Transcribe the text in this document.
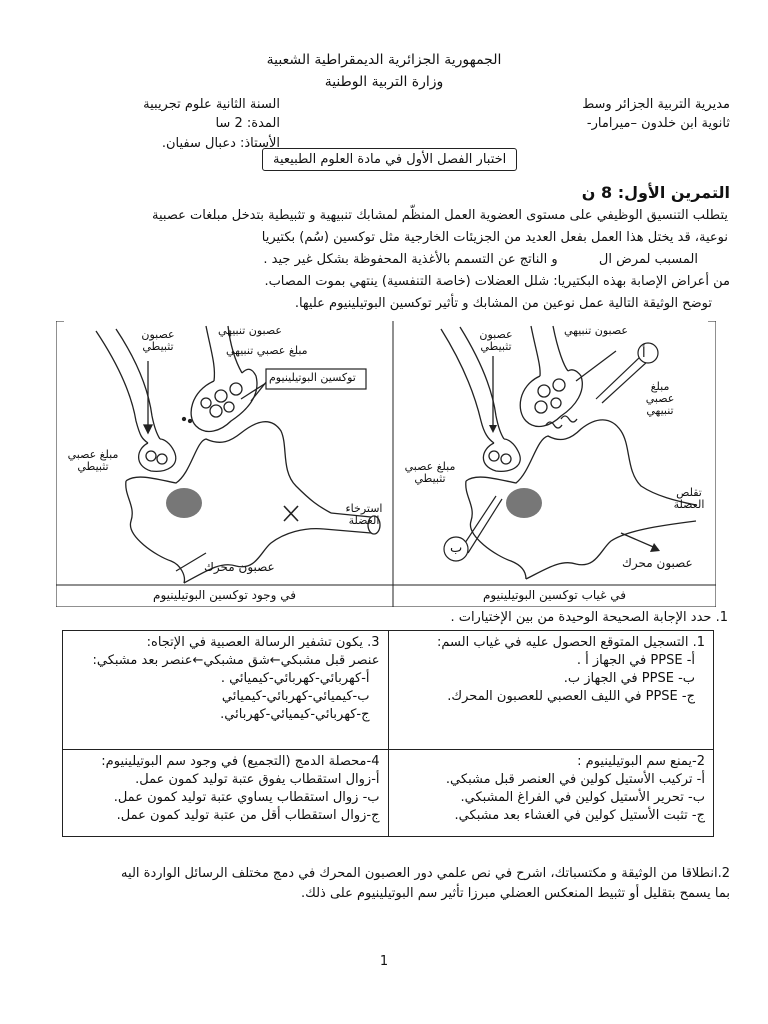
الجمهورية الجزائرية الديمقراطية الشعبية
وزارة التربية الوطنية
مديرية التربية الجزائر وسط
ثانوية ابن خلدون –ميرامار-
السنة الثانية علوم تجريبية
المدة: 2 سا
الأستاذ: دعبال سفيان.
اختبار الفصل الأول في مادة العلوم الطبيعية
التمرين الأول: 8 ن
يتطلب التنسيق الوظيفي على مستوى العضوية العمل المنظّم لمشابك تنبيهية و تثبيطية بتدخل مبلغات عصبية
نوعية، قد يختل هذا العمل بفعل العديد من الجزيئات الخارجية مثل توكسين (سُم) بكتيريا
المسبب لمرض ال          و الناتج عن التسمم بالأغذية المحفوظة بشكل غير جيد .
من أعراض الإصابة بهذه البكتيريا: شلل العضلات (خاصة التنفسية) ينتهي بموت المصاب.
توضح الوثيقة التالية عمل نوعين من المشابك و تأثير توكسين البوتيلينيوم عليها.
عصبون تثبيطي
عصبون تنبيهي
مبلغ عصبي تنبيهي
توكسين البوتيلينيوم
مبلغ عصبي تثبيطي
استرخاء العضلة
عصبون محرك
عصبون تثبيطي
عصبون تنبيهي
أ
مبلغ عصبي تنبيهي
مبلغ عصبي تثبيطي
ب
تقلص العضلة
عصبون محرك
في وجود توكسين البوتيلينيوم	في غياب توكسين البوتيلينيوم
1. حدد الإجابة الصحيحة الوحيدة من بين الإختيارات .
1. التسجيل المتوقع الحصول عليه في غياب السم:
أ- PPSE في الجهاز أ .
ب- PPSE في الجهاز ب.
ج- PPSE في الليف العصبي للعصبون المحرك.	3. يكون تشفير الرسالة العصبية في الإتجاه:
عنصر قبل مشبكي←شق مشبكي←عنصر بعد مشبكي:
أ-كهربائي-كهربائي-كيميائي .
ب-كيميائي-كهربائي-كيميائي
ج-كهربائي-كيميائي-كهربائي.

2-يمنع سم البوتيلينيوم :
أ- تركيب الأستيل كولين في العنصر قبل مشبكي.
ب- تحرير الأستيل كولين في الفراغ المشبكي.
ج- تثبت الأستيل كولين في الغشاء بعد مشبكي.	4-محصلة الدمج (التجميع) في وجود سم البوتيلينيوم:
أ-زوال استقطاب يفوق عتبة توليد كمون عمل.
ب- زوال استقطاب يساوي عتبة توليد كمون عمل.
ج-زوال استقطاب أقل من عتبة توليد كمون عمل.
2.انطلاقا من الوثيقة و مكتسباتك، اشرح في نص علمي دور العصبون المحرك في دمج مختلف الرسائل الواردة اليه
بما يسمح بتقليل أو تثبيط المنعكس العضلي مبرزا تأثير سم البوتيلينيوم على ذلك.
1
